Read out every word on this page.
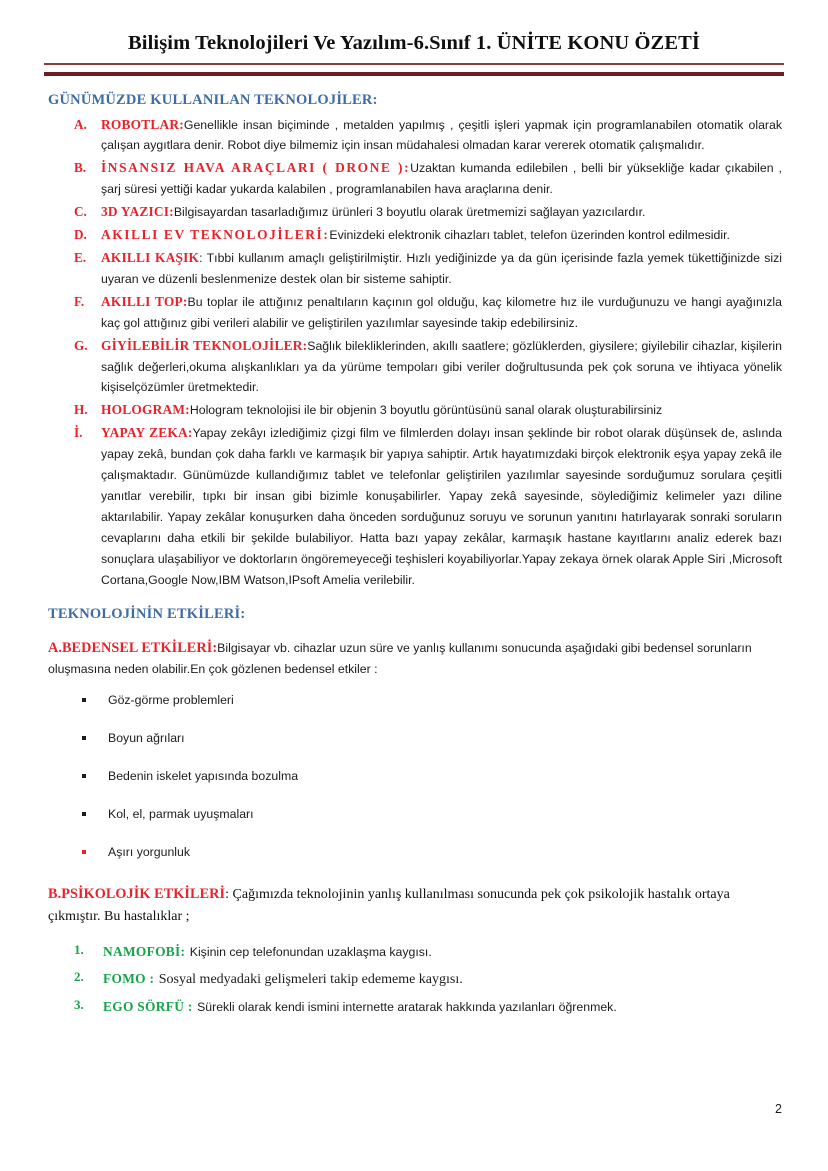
Bilişim Teknolojileri Ve Yazılım-6.Sınıf 1. ÜNİTE KONU ÖZETİ
GÜNÜMÜZDE KULLANILAN TEKNOLOJİLER:
A.	ROBOTLAR:Genellikle insan biçiminde , metalden yapılmış , çeşitli işleri yapmak için programlanabilen otomatik olarak çalışan aygıtlara denir. Robot diye bilmemiz için insan müdahalesi olmadan karar vererek otomatik çalışmalıdır.
B.	İNSANSIZ HAVA ARAÇLARI ( DRONE ):Uzaktan kumanda edilebilen , belli bir yüksekliğe kadar çıkabilen , şarj süresi yettiği kadar yukarda kalabilen , programlanabilen hava araçlarına denir.
C.	3D YAZICI:Bilgisayardan tasarladığımız ürünleri 3 boyutlu olarak üretmemizi sağlayan yazıcılardır.
D.	AKILLI EV TEKNOLOJİLERİ:Evinizdeki elektronik cihazları tablet, telefon üzerinden kontrol edilmesidir.
E.	AKILLI KAŞIK: Tıbbi kullanım amaçlı geliştirilmiştir. Hızlı yediğinizde ya da gün içerisinde fazla yemek tükettiğinizde sizi uyaran ve düzenli beslenmenize destek olan bir sisteme sahiptir.
F.	AKILLI TOP:Bu toplar ile attığınız penaltıların kaçının gol olduğu, kaç kilometre hız ile vurduğunuzu ve hangi ayağınızla kaç gol attığınız gibi verileri alabilir ve geliştirilen yazılımlar sayesinde takip edebilirsiniz.
G.	GİYİLEBİLİR TEKNOLOJİLER:Sağlık bilekliklerinden, akıllı saatlere; gözlüklerden, giysilere; giyilebilir cihazlar, kişilerin sağlık değerleri,okuma alışkanlıkları ya da yürüme tempoları gibi veriler doğrultusunda pek çok soruna ve ihtiyaca yönelik kişiselçözümler üretmektedir.
H.	HOLOGRAM:Hologram teknolojisi ile bir objenin 3 boyutlu görüntüsünü sanal olarak oluşturabilirsiniz
İ.	YAPAY ZEKA:Yapay zekâyı izlediğimiz çizgi film ve filmlerden dolayı insan şeklinde bir robot olarak düşünsek de, aslında yapay zekâ, bundan çok daha farklı ve karmaşık bir yapıya sahiptir. Artık hayatımızdaki birçok elektronik eşya yapay zekâ ile çalışmaktadır. Günümüzde kullandığımız tablet ve telefonlar geliştirilen yazılımlar sayesinde sorduğumuz sorulara çeşitli yanıtlar verebilir, tıpkı bir insan gibi bizimle konuşabilirler. Yapay zekâ sayesinde, söylediğimiz kelimeler yazı diline aktarılabilir. Yapay zekâlar konuşurken daha önceden sorduğunuz soruyu ve sorunun yanıtını hatırlayarak sonraki soruların cevaplarını daha etkili bir şekilde bulabiliyor. Hatta bazı yapay zekâlar, karmaşık hastane kayıtlarını analiz ederek bazı sonuçlara ulaşabiliyor ve doktorların öngöremeyeceği teşhisleri koyabiliyorlar.Yapay zekaya örnek olarak Apple Siri ,Microsoft Cortana,Google Now,IBM Watson,IPsoft Amelia verilebilir.
TEKNOLOJİNİN ETKİLERİ:
A.BEDENSEL ETKİLERİ:Bilgisayar vb. cihazlar uzun süre ve yanlış kullanımı sonucunda aşağıdaki gibi bedensel sorunların oluşmasına neden olabilir.En çok gözlenen bedensel etkiler :
Göz-görme problemleri
Boyun ağrıları
Bedenin iskelet yapısında bozulma
Kol, el, parmak uyuşmaları
Aşırı yorgunluk
B.PSİKOLOJİK ETKİLERİ: Çağımızda teknolojinin yanlış kullanılması sonucunda pek çok psikolojik hastalık ortaya çıkmıştır. Bu hastalıklar ;
1. NAMOFOBİ: Kişinin cep telefonundan uzaklaşma kaygısı.
2. FOMO : Sosyal medyadaki gelişmeleri takip edememe kaygısı.
3. EGO SÖRFÜ : Sürekli olarak kendi ismini internette aratarak hakkında yazılanları öğrenmek.
2
